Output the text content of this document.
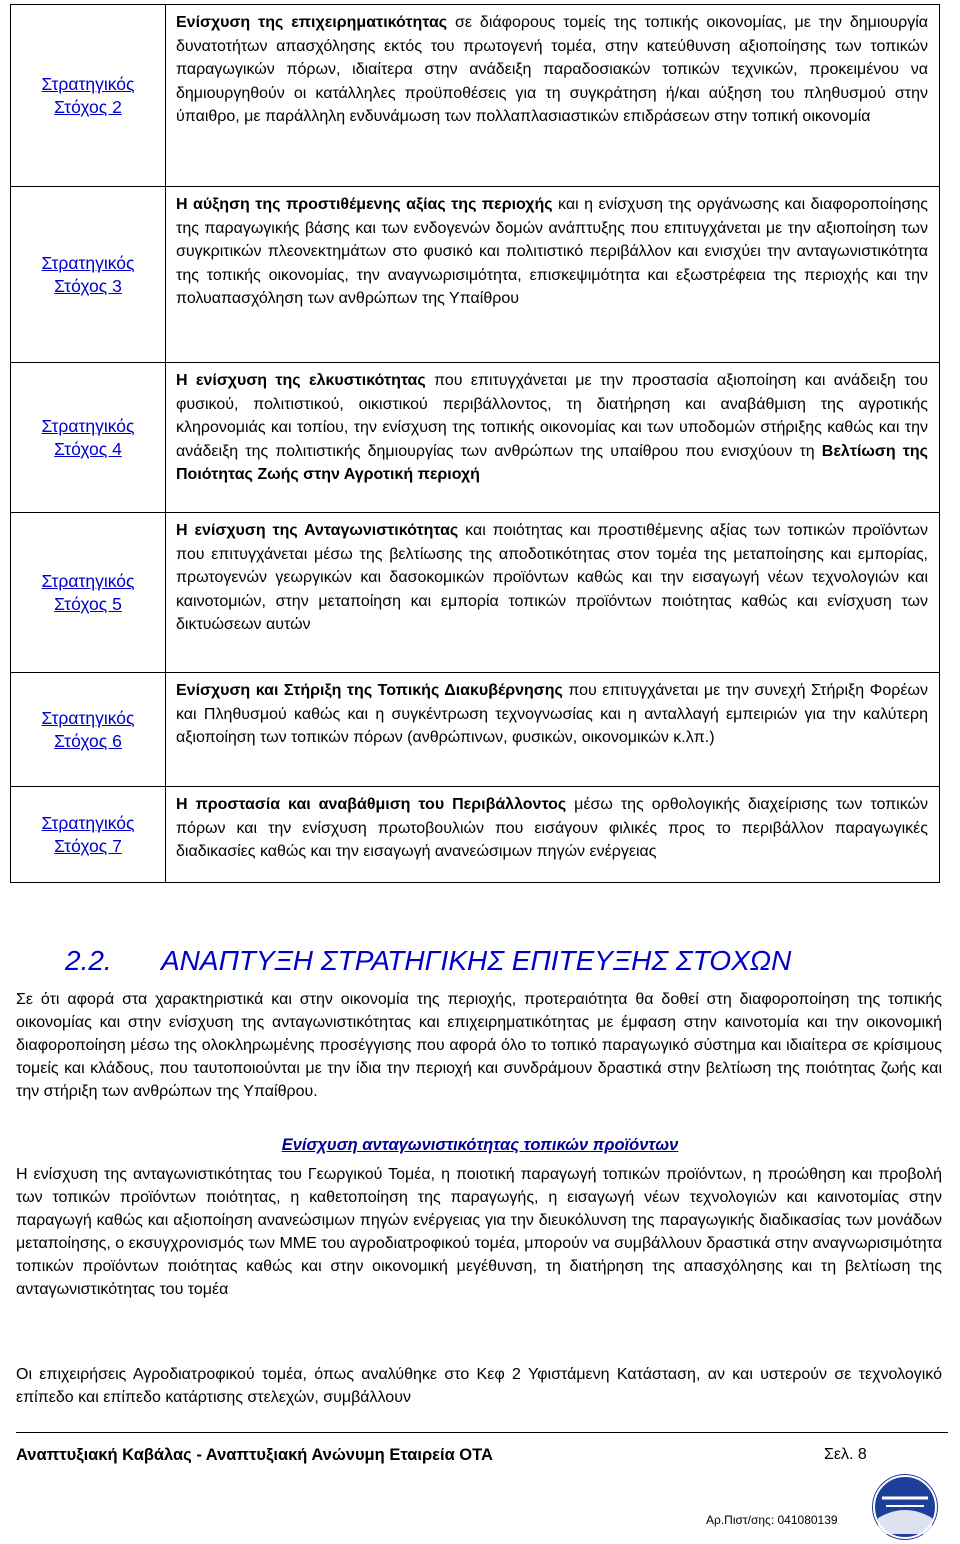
Στρατηγικός
Στόχος 2	Ενίσχυση της επιχειρηματικότητας σε διάφορους τομείς της τοπικής οικονομίας, με την δημιουργία δυνατοτήτων απασχόλησης εκτός του πρωτογενή τομέα, στην κατεύθυνση αξιοποίησης των τοπικών παραγωγικών πόρων, ιδιαίτερα στην ανάδειξη παραδοσιακών τοπικών τεχνικών, προκειμένου να δημιουργηθούν οι κατάλληλες προϋποθέσεις για τη συγκράτηση ή/και αύξηση του πληθυσμού στην ύπαιθρο, με παράλληλη ενδυνάμωση των πολλαπλασιαστικών επιδράσεων στην τοπική οικονομία

Στρατηγικός
Στόχος 3	Η αύξηση της προστιθέμενης αξίας της περιοχής και η ενίσχυση της οργάνωσης και διαφοροποίησης της παραγωγικής βάσης και των ενδογενών δομών ανάπτυξης που επιτυγχάνεται με την αξιοποίηση των συγκριτικών πλεονεκτημάτων στο φυσικό και πολιτιστικό περιβάλλον και ενισχύει την ανταγωνιστικότητα της τοπικής οικονομίας, την αναγνωρισιμότητα, επισκεψιμότητα και εξωστρέφεια της περιοχής και την πολυαπασχόληση των ανθρώπων της Υπαίθρου

Στρατηγικός
Στόχος 4	Η ενίσχυση της ελκυστικότητας που επιτυγχάνεται με την προστασία αξιοποίηση και ανάδειξη του φυσικού, πολιτιστικού, οικιστικού περιβάλλοντος, τη διατήρηση και αναβάθμιση της αγροτικής κληρονομιάς και τοπίου, την ενίσχυση της τοπικής οικονομίας και των υποδομών στήριξης καθώς και την ανάδειξη της πολιτιστικής δημιουργίας των ανθρώπων της υπαίθρου που ενισχύουν τη Βελτίωση της Ποιότητας Ζωής στην Αγροτική περιοχή

Στρατηγικός
Στόχος 5	Η ενίσχυση της Ανταγωνιστικότητας και ποιότητας και προστιθέμενης αξίας των τοπικών προϊόντων που επιτυγχάνεται μέσω της βελτίωσης της αποδοτικότητας στον τομέα της μεταποίησης και εμπορίας, πρωτογενών γεωργικών και δασοκομικών προϊόντων καθώς και την εισαγωγή νέων τεχνολογιών και καινοτομιών, στην μεταποίηση και εμπορία τοπικών προϊόντων ποιότητας καθώς και ενίσχυση των δικτυώσεων αυτών

Στρατηγικός
Στόχος 6	Ενίσχυση και Στήριξη της Τοπικής Διακυβέρνησης που επιτυγχάνεται με την συνεχή Στήριξη Φορέων και Πληθυσμού καθώς και η συγκέντρωση τεχνογνωσίας και η ανταλλαγή εμπειριών για την καλύτερη αξιοποίηση των τοπικών πόρων (ανθρώπινων, φυσικών, οικονομικών κ.λπ.)

Στρατηγικός
Στόχος 7	Η προστασία και αναβάθμιση του Περιβάλλοντος μέσω της ορθολογικής διαχείρισης των τοπικών πόρων και την ενίσχυση πρωτοβουλιών που εισάγουν φιλικές προς το περιβάλλον παραγωγικές διαδικασίες καθώς και την εισαγωγή ανανεώσιμων πηγών ενέργειας
2.2. ΑΝΑΠΤΥΞΗ ΣΤΡΑΤΗΓΙΚΗΣ ΕΠΙΤΕΥΞΗΣ ΣΤΟΧΩΝ
Σε ότι αφορά στα χαρακτηριστικά και στην οικονομία της περιοχής, προτεραιότητα θα δοθεί στη διαφοροποίηση της τοπικής οικονομίας και στην ενίσχυση της ανταγωνιστικότητας και επιχειρηματικότητας με έμφαση στην καινοτομία και την οικονομική διαφοροποίηση μέσω της ολοκληρωμένης προσέγγισης που αφορά όλο το τοπικό παραγωγικό σύστημα και ιδιαίτερα σε κρίσιμους τομείς και κλάδους, που ταυτοποιούνται με την ίδια την περιοχή και συνδράμουν δραστικά στην βελτίωση της ποιότητας ζωής και την στήριξη των ανθρώπων της Υπαίθρου.
Ενίσχυση ανταγωνιστικότητας τοπικών προϊόντων
Η ενίσχυση της ανταγωνιστικότητας του Γεωργικού Τομέα, η ποιοτική παραγωγή τοπικών προϊόντων, η προώθηση και προβολή των τοπικών προϊόντων ποιότητας, η καθετοποίηση της παραγωγής, η εισαγωγή νέων τεχνολογιών και καινοτομίας στην παραγωγή καθώς και αξιοποίηση ανανεώσιμων πηγών ενέργειας για την διευκόλυνση της παραγωγικής διαδικασίας των μονάδων μεταποίησης, ο εκσυγχρονισμός των ΜΜΕ του αγροδιατροφικού τομέα, μπορούν να συμβάλλουν δραστικά στην αναγνωρισιμότητα τοπικών προϊόντων ποιότητας καθώς και στην οικονομική μεγέθυνση, τη διατήρηση της απασχόλησης και τη βελτίωση της ανταγωνιστικότητας του τομέα
Οι επιχειρήσεις Αγροδιατροφικού τομέα, όπως αναλύθηκε στο Κεφ 2 Υφιστάμενη Κατάσταση, αν και υστερούν σε τεχνολογικό επίπεδο και επίπεδο κατάρτισης στελεχών, συμβάλλουν
Αναπτυξιακή Καβάλας - Αναπτυξιακή Ανώνυμη Εταιρεία ΟΤΑ	Σελ. 8
Αρ.Πιστ/σης: 041080139
